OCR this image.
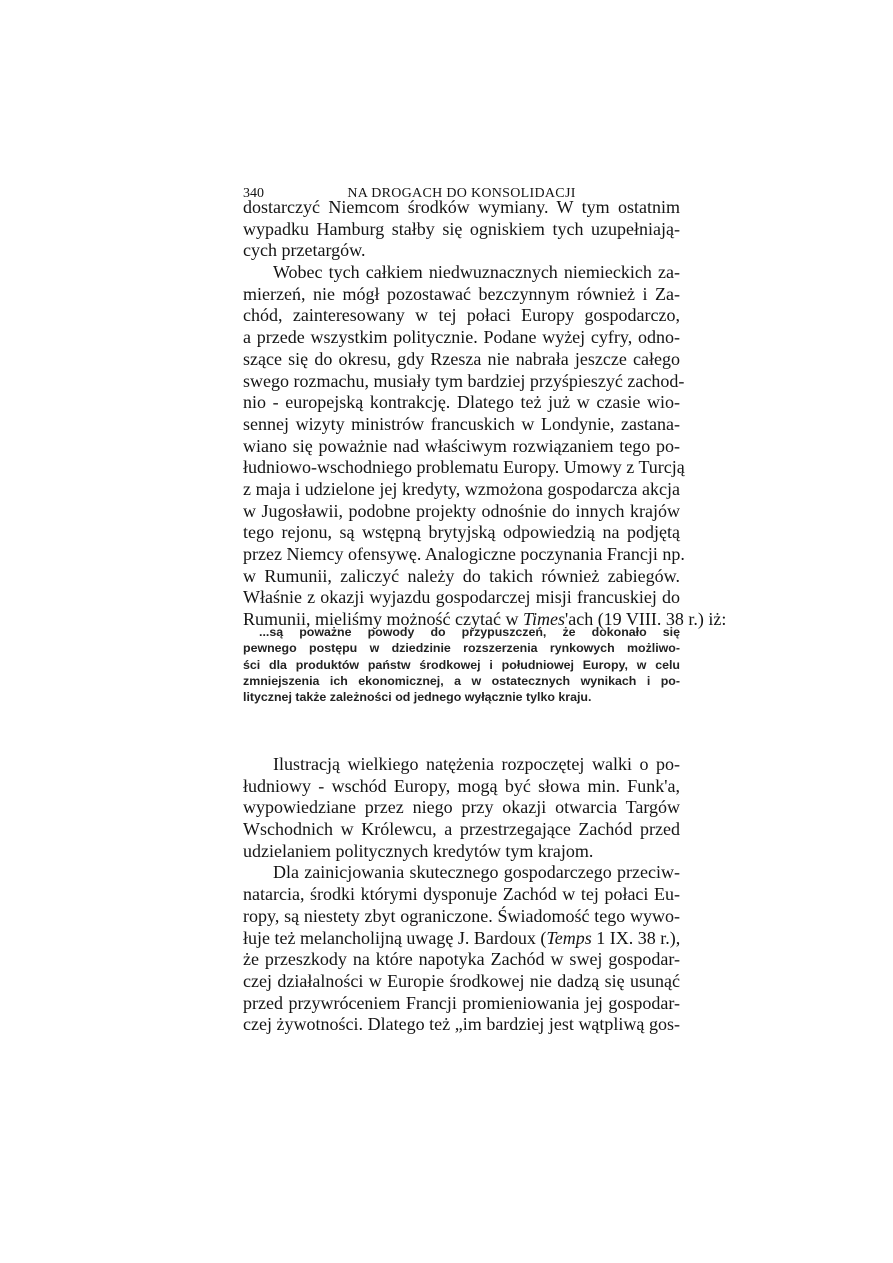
340	NA DROGACH DO KONSOLIDACJI
dostarczyć Niemcom środków wymiany. W tym ostatnim
wypadku Hamburg stałby się ogniskiem tych uzupełniają-
cych przetargów.
Wobec tych całkiem niedwuznacznych niemieckich za-
mierzeń, nie mógł pozostawać bezczynnym również i Za-
chód, zainteresowany w tej połaci Europy gospodarczo,
a przede wszystkim politycznie. Podane wyżej cyfry, odno-
szące się do okresu, gdy Rzesza nie nabrała jeszcze całego
swego rozmachu, musiały tym bardziej przyśpieszyć zachod-
nio - europejską kontrakcję. Dlatego też już w czasie wio-
sennej wizyty ministrów francuskich w Londynie, zastana-
wiano się poważnie nad właściwym rozwiązaniem tego po-
łudniowo-wschodniego problematu Europy. Umowy z Turcją
z maja i udzielone jej kredyty, wzmożona gospodarcza akcja
w Jugosławii, podobne projekty odnośnie do innych krajów
tego rejonu, są wstępną brytyjską odpowiedzią na podjętą
przez Niemcy ofensywę. Analogiczne poczynania Francji np.
w Rumunii, zaliczyć należy do takich również zabiegów.
Właśnie z okazji wyjazdu gospodarczej misji francuskiej do
Rumunii, mieliśmy możność czytać w Times'ach (19 VIII. 38 r.) iż:
...są poważne powody do przypuszczeń, że dokonało się
pewnego postępu w dziedzinie rozszerzenia rynkowych możliwo-
ści dla produktów państw środkowej i południowej Europy, w celu
zmniejszenia ich ekonomicznej, a w ostatecznych wynikach i po-
litycznej także zależności od jednego wyłącznie tylko kraju.
Ilustracją wielkiego natężenia rozpoczętej walki o po-
łudniowy - wschód Europy, mogą być słowa min. Funk'a,
wypowiedziane przez niego przy okazji otwarcia Targów
Wschodnich w Królewcu, a przestrzegające Zachód przed
udzielaniem politycznych kredytów tym krajom.
Dla zainicjowania skutecznego gospodarczego przeciw-
natarcia, środki którymi dysponuje Zachód w tej połaci Eu-
ropy, są niestety zbyt ograniczone. Świadomość tego wywo-
łuje też melancholijną uwagę J. Bardoux (Temps 1 IX. 38 r.),
że przeszkody na które napotyka Zachód w swej gospodar-
czej działalności w Europie środkowej nie dadzą się usunąć
przed przywróceniem Francji promieniowania jej gospodar-
czej żywotności. Dlatego też „im bardziej jest wątpliwą gos-
